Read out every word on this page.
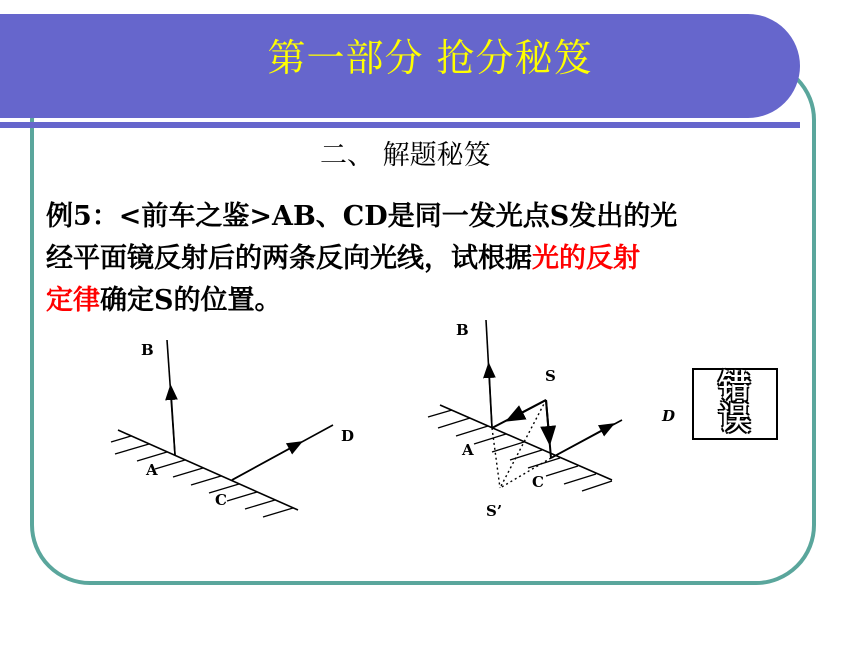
第一部分 抢分秘笈
二、 解题秘笈
例5：<前车之鉴>AB、CD是同一发光点S发出的光
经平面镜反射后的两条反向光线，试根据光的反射
定律确定S的位置。
B
A
C
D
B
S
D
A
C
S’
错
误
